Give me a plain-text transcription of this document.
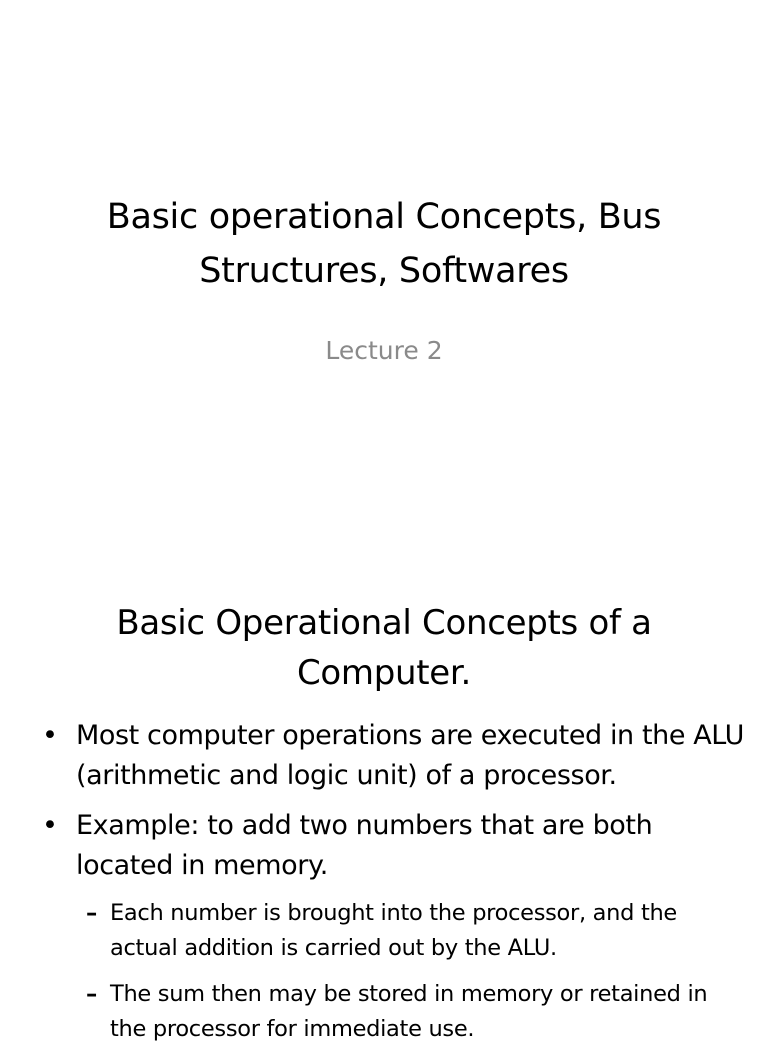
Basic operational Concepts, Bus Structures, Softwares
Lecture 2
Basic Operational Concepts of a Computer.
• Most computer operations are executed in the ALU (arithmetic and logic unit) of a processor.
• Example: to add two numbers that are both located in memory.
– Each number is brought into the processor, and the actual addition is carried out by the ALU.
– The sum then may be stored in memory or retained in the processor for immediate use.
